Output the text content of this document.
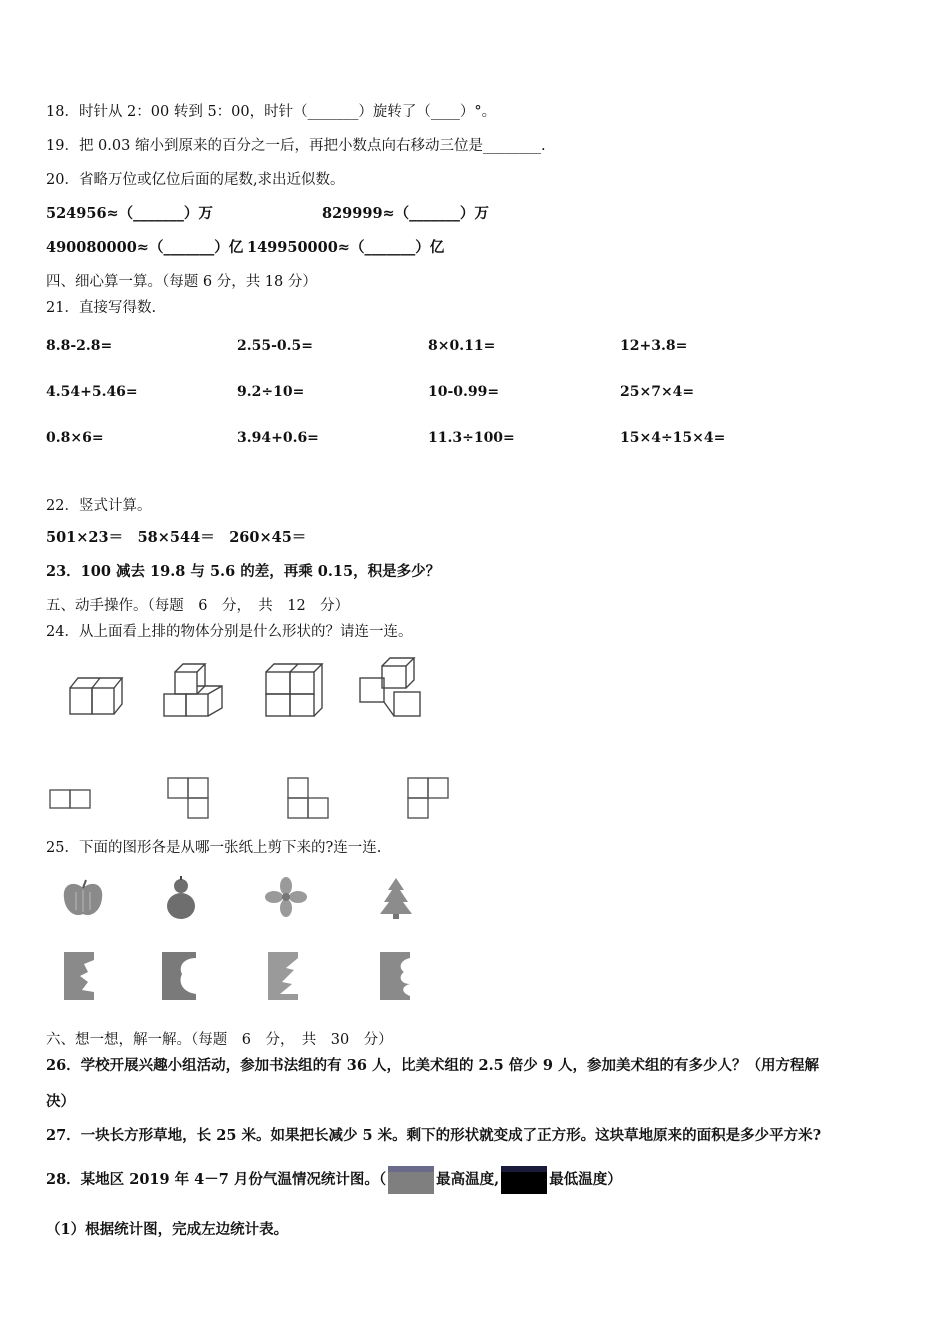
18．时针从 2：00 转到 5：00，时针（_______）旋转了（____）°。
19．把 0.03 缩小到原来的百分之一后，再把小数点向右移动三位是________.
20．省略万位或亿位后面的尾数,求出近似数。
524956≈（_______）万	829999≈（_______）万
490080000≈（_______）亿 149950000≈（_______）亿
四、细心算一算。（每题 6 分，共 18 分）
21．直接写得数.
8.8-2.8=	2.55-0.5=	8×0.11=	12+3.8=
4.54+5.46=	9.2÷10=	10-0.99=	25×7×4=
0.8×6=	3.94+0.6=	11.3÷100=	15×4÷15×4=
22．竖式计算。
501×23＝　58×544＝　260×45＝
23．100 减去 19.8 与 5.6 的差，再乘 0.15，积是多少？
五、动手操作。（每题　6　分，　共　12　分）
24．从上面看上排的物体分别是什么形状的？请连一连。
25．下面的图形各是从哪一张纸上剪下来的?连一连.
六、想一想，解一解。（每题　6　分，　共　30　分）
26．学校开展兴趣小组活动，参加书法组的有 36 人，比美术组的 2.5 倍少 9 人，参加美术组的有多少人？（用方程解
决）
27．一块长方形草地，长 25 米。如果把长减少 5 米。剩下的形状就变成了正方形。这块草地原来的面积是多少平方米?
28．某地区 2019 年 4－7 月份气温情况统计图。（	最高温度,	最低温度）
（1）根据统计图，完成左边统计表。
